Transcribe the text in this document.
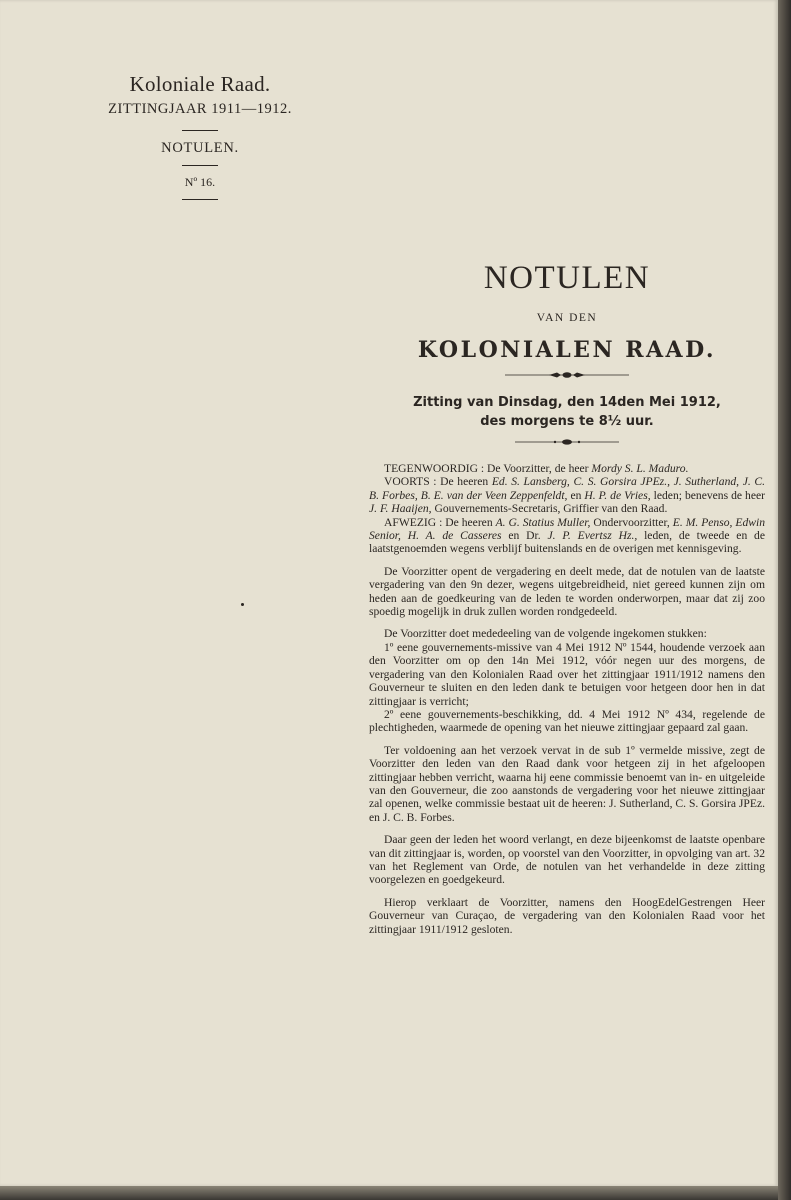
Koloniale Raad.
ZITTINGJAAR 1911—1912.
NOTULEN.
Nº 16.
NOTULEN
VAN DEN
KOLONIALEN RAAD.
Zitting van Dinsdag, den 14den Mei 1912,
des morgens te 8½ uur.

TEGENWOORDIG : De Voorzitter, de heer Mordy S. L. Maduro.

VOORTS : De heeren Ed. S. Lansberg, C. S. Gorsira JPEz., J. Sutherland, J. C. B. Forbes, B. E. van der Veen Zeppenfeldt, en H. P. de Vries, leden; benevens de heer J. F. Haaijen, Gouvernements-Secretaris, Griffier van den Raad.

AFWEZIG : De heeren A. G. Statius Muller, Ondervoorzitter, E. M. Penso, Edwin Senior, H. A. de Casseres en Dr. J. P. Evertsz Hz., leden, de tweede en de laatstgenoemden wegens verblijf buitenslands en de overigen met kennisgeving.

De Voorzitter opent de vergadering en deelt mede, dat de notulen van de laatste vergadering van den 9n dezer, wegens uitgebreidheid, niet gereed kunnen zijn om heden aan de goedkeuring van de leden te worden onderworpen, maar dat zij zoo spoedig mogelijk in druk zullen worden rondgedeeld.

De Voorzitter doet mededeeling van de volgende ingekomen stukken:

1º eene gouvernements-missive van 4 Mei 1912 Nº 1544, houdende verzoek aan den Voorzitter om op den 14n Mei 1912, vóór negen uur des morgens, de vergadering van den Kolonialen Raad over het zittingjaar 1911/1912 namens den Gouverneur te sluiten en den leden dank te betuigen voor hetgeen door hen in dat zittingjaar is verricht;

2º eene gouvernements-beschikking, dd. 4 Mei 1912 Nº 434, regelende de plechtigheden, waarmede de opening van het nieuwe zittingjaar gepaard zal gaan.

Ter voldoening aan het verzoek vervat in de sub 1º vermelde missive, zegt de Voorzitter den leden van den Raad dank voor hetgeen zij in het afgeloopen zittingjaar hebben verricht, waarna hij eene commissie benoemt van in- en uitgeleide van den Gouverneur, die zoo aanstonds de vergadering voor het nieuwe zittingjaar zal openen, welke commissie bestaat uit de heeren: J. Sutherland, C. S. Gorsira JPEz. en J. C. B. Forbes.

Daar geen der leden het woord verlangt, en deze bijeenkomst de laatste openbare van dit zittingjaar is, worden, op voorstel van den Voorzitter, in opvolging van art. 32 van het Reglement van Orde, de notulen van het verhandelde in deze zitting voorgelezen en goedgekeurd.

Hierop verklaart de Voorzitter, namens den HoogEdelGestrengen Heer Gouverneur van Curaçao, de vergadering van den Kolonialen Raad voor het zittingjaar 1911/1912 gesloten.
